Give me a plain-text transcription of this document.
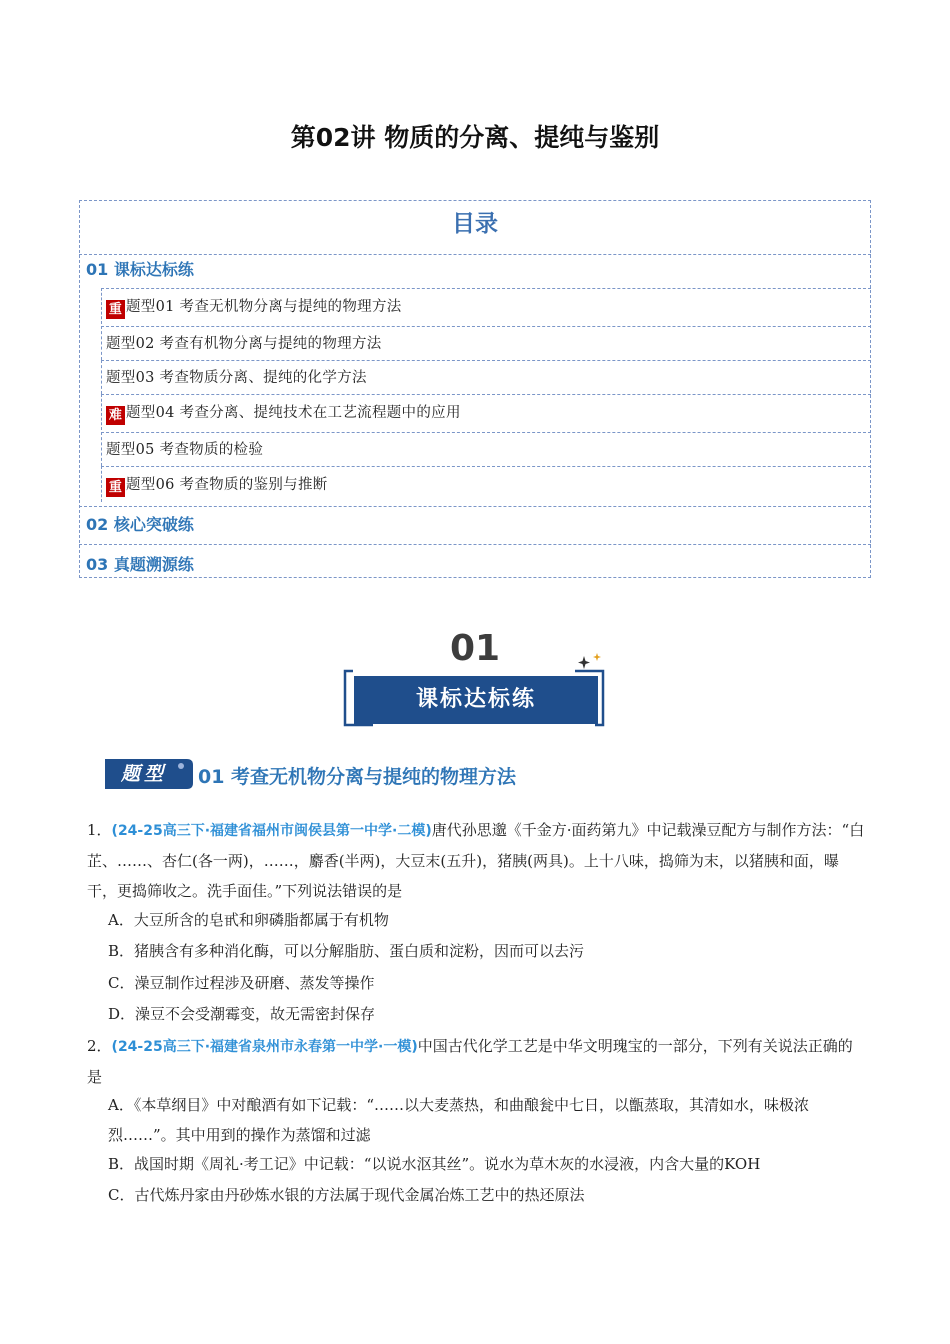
第02讲 物质的分离、提纯与鉴别
目录
01 课标达标练
重 题型01 考查无机物分离与提纯的物理方法
题型02 考查有机物分离与提纯的物理方法
题型03 考查物质分离、提纯的化学方法
难 题型04 考查分离、提纯技术在工艺流程题中的应用
题型05 考查物质的检验
重 题型06 考查物质的鉴别与推断
02 核心突破练
03 真题溯源练
01
课标达标练
题型	01 考查无机物分离与提纯的物理方法
1．(24-25高三下·福建省福州市闽侯县第一中学·二模)唐代孙思邈《千金方·面药第九》中记载澡豆配方与制作方法：“白芷、……、杏仁(各一两)，……，麝香(半两)，大豆末(五升)，猪胰(两具)。上十八味，捣筛为末，以猪胰和面，曝干，更捣筛收之。洗手面佳。”下列说法错误的是
A．大豆所含的皂甙和卵磷脂都属于有机物
B．猪胰含有多种消化酶，可以分解脂肪、蛋白质和淀粉，因而可以去污
C．澡豆制作过程涉及研磨、蒸发等操作
D．澡豆不会受潮霉变，故无需密封保存
2．(24-25高三下·福建省泉州市永春第一中学·一模)中国古代化学工艺是中华文明瑰宝的一部分，下列有关说法正确的是
A．《本草纲目》中对酿酒有如下记载：“……以大麦蒸热，和曲酿瓮中七日，以甑蒸取，其清如水，味极浓烈……”。其中用到的操作为蒸馏和过滤
B．战国时期《周礼·考工记》中记载：“以说水沤其丝”。说水为草木灰的水浸液，内含大量的KOH
C．古代炼丹家由丹砂炼水银的方法属于现代金属冶炼工艺中的热还原法
